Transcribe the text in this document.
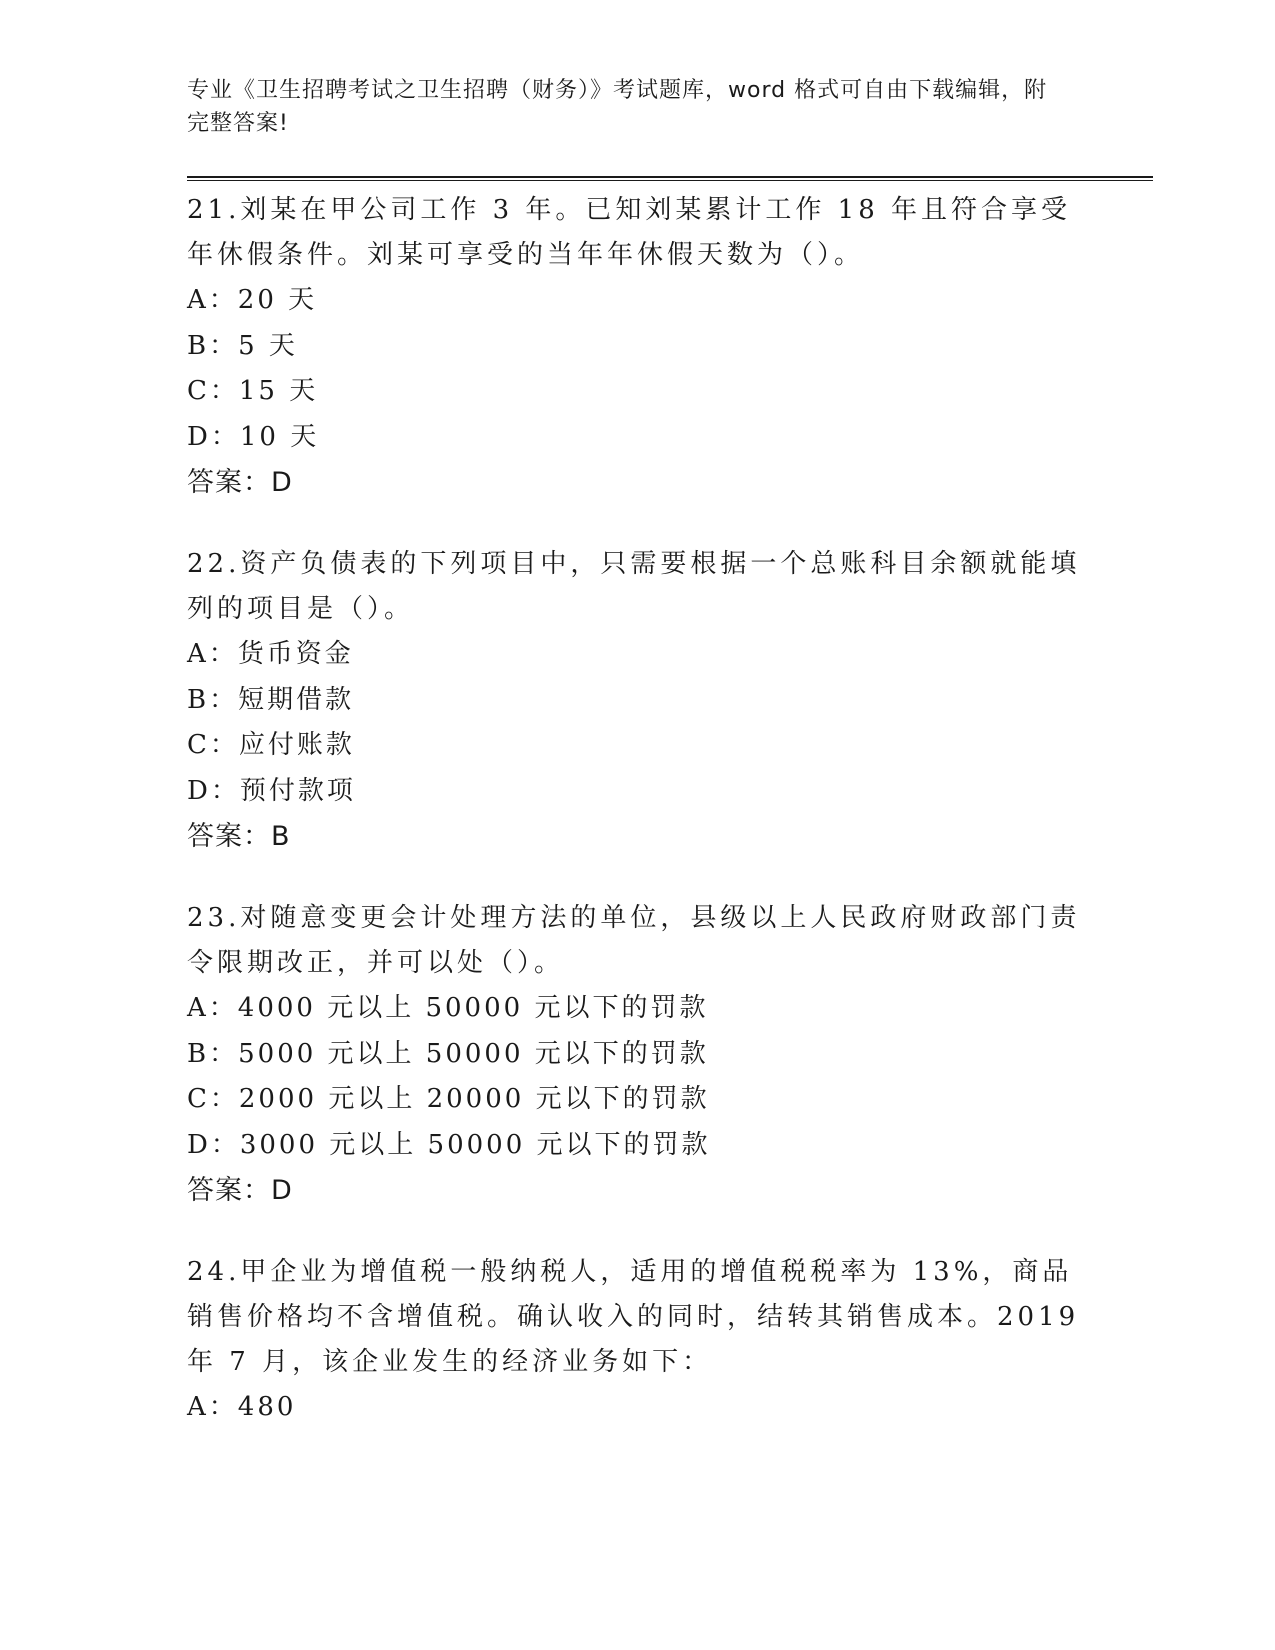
专业《卫生招聘考试之卫生招聘（财务）》考试题库，word 格式可自由下载编辑，附完整答案!
21.刘某在甲公司工作 3 年。已知刘某累计工作 18 年且符合享受年休假条件。刘某可享受的当年年休假天数为（）。
A：20 天
B：5 天
C：15 天
D：10 天
答案：D
22.资产负债表的下列项目中，只需要根据一个总账科目余额就能填列的项目是（）。
A：货币资金
B：短期借款
C：应付账款
D：预付款项
答案：B
23.对随意变更会计处理方法的单位，县级以上人民政府财政部门责令限期改正，并可以处（）。
A：4000 元以上 50000 元以下的罚款
B：5000 元以上 50000 元以下的罚款
C：2000 元以上 20000 元以下的罚款
D：3000 元以上 50000 元以下的罚款
答案：D
24.甲企业为增值税一般纳税人，适用的增值税税率为 13%，商品销售价格均不含增值税。确认收入的同时，结转其销售成本。2019 年 7 月，该企业发生的经济业务如下：
A：480
